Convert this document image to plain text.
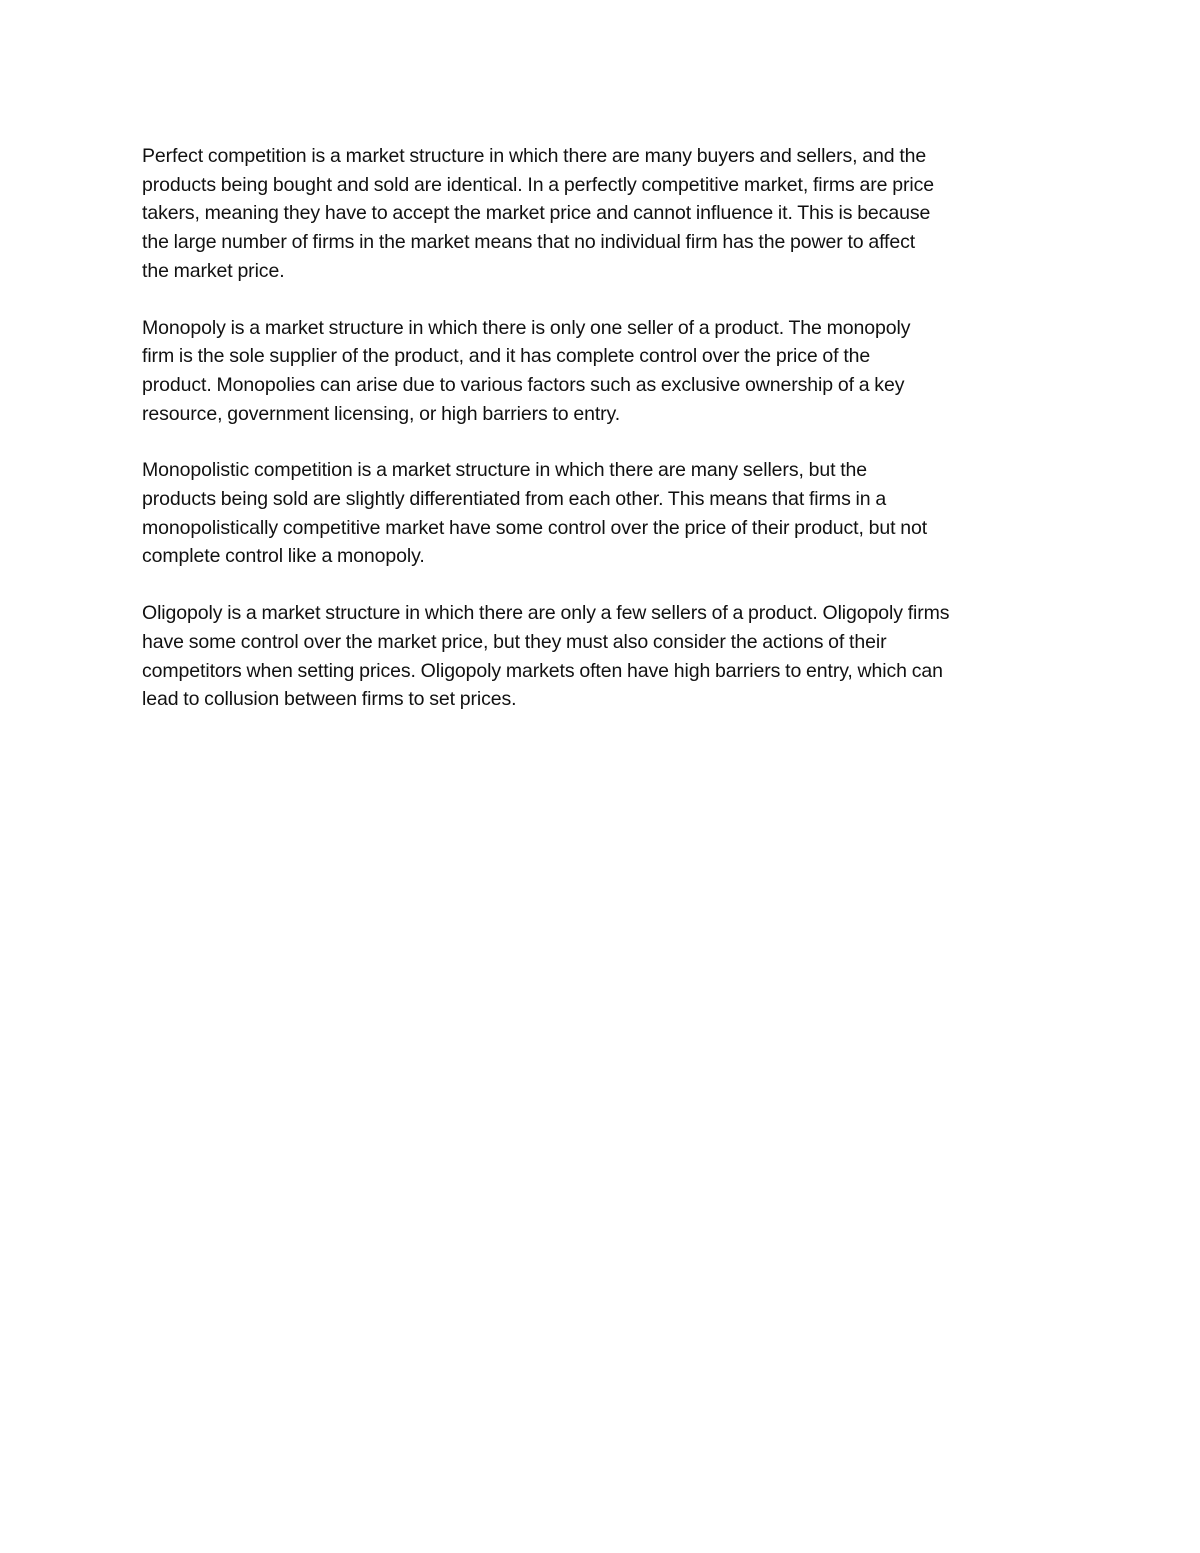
Perfect competition is a market structure in which there are many buyers and sellers, and the
products being bought and sold are identical. In a perfectly competitive market, firms are price
takers, meaning they have to accept the market price and cannot influence it. This is because
the large number of firms in the market means that no individual firm has the power to affect
the market price.

Monopoly is a market structure in which there is only one seller of a product. The monopoly
firm is the sole supplier of the product, and it has complete control over the price of the
product. Monopolies can arise due to various factors such as exclusive ownership of a key
resource, government licensing, or high barriers to entry.

Monopolistic competition is a market structure in which there are many sellers, but the
products being sold are slightly differentiated from each other. This means that firms in a
monopolistically competitive market have some control over the price of their product, but not
complete control like a monopoly.

Oligopoly is a market structure in which there are only a few sellers of a product. Oligopoly firms
have some control over the market price, but they must also consider the actions of their
competitors when setting prices. Oligopoly markets often have high barriers to entry, which can
lead to collusion between firms to set prices.
